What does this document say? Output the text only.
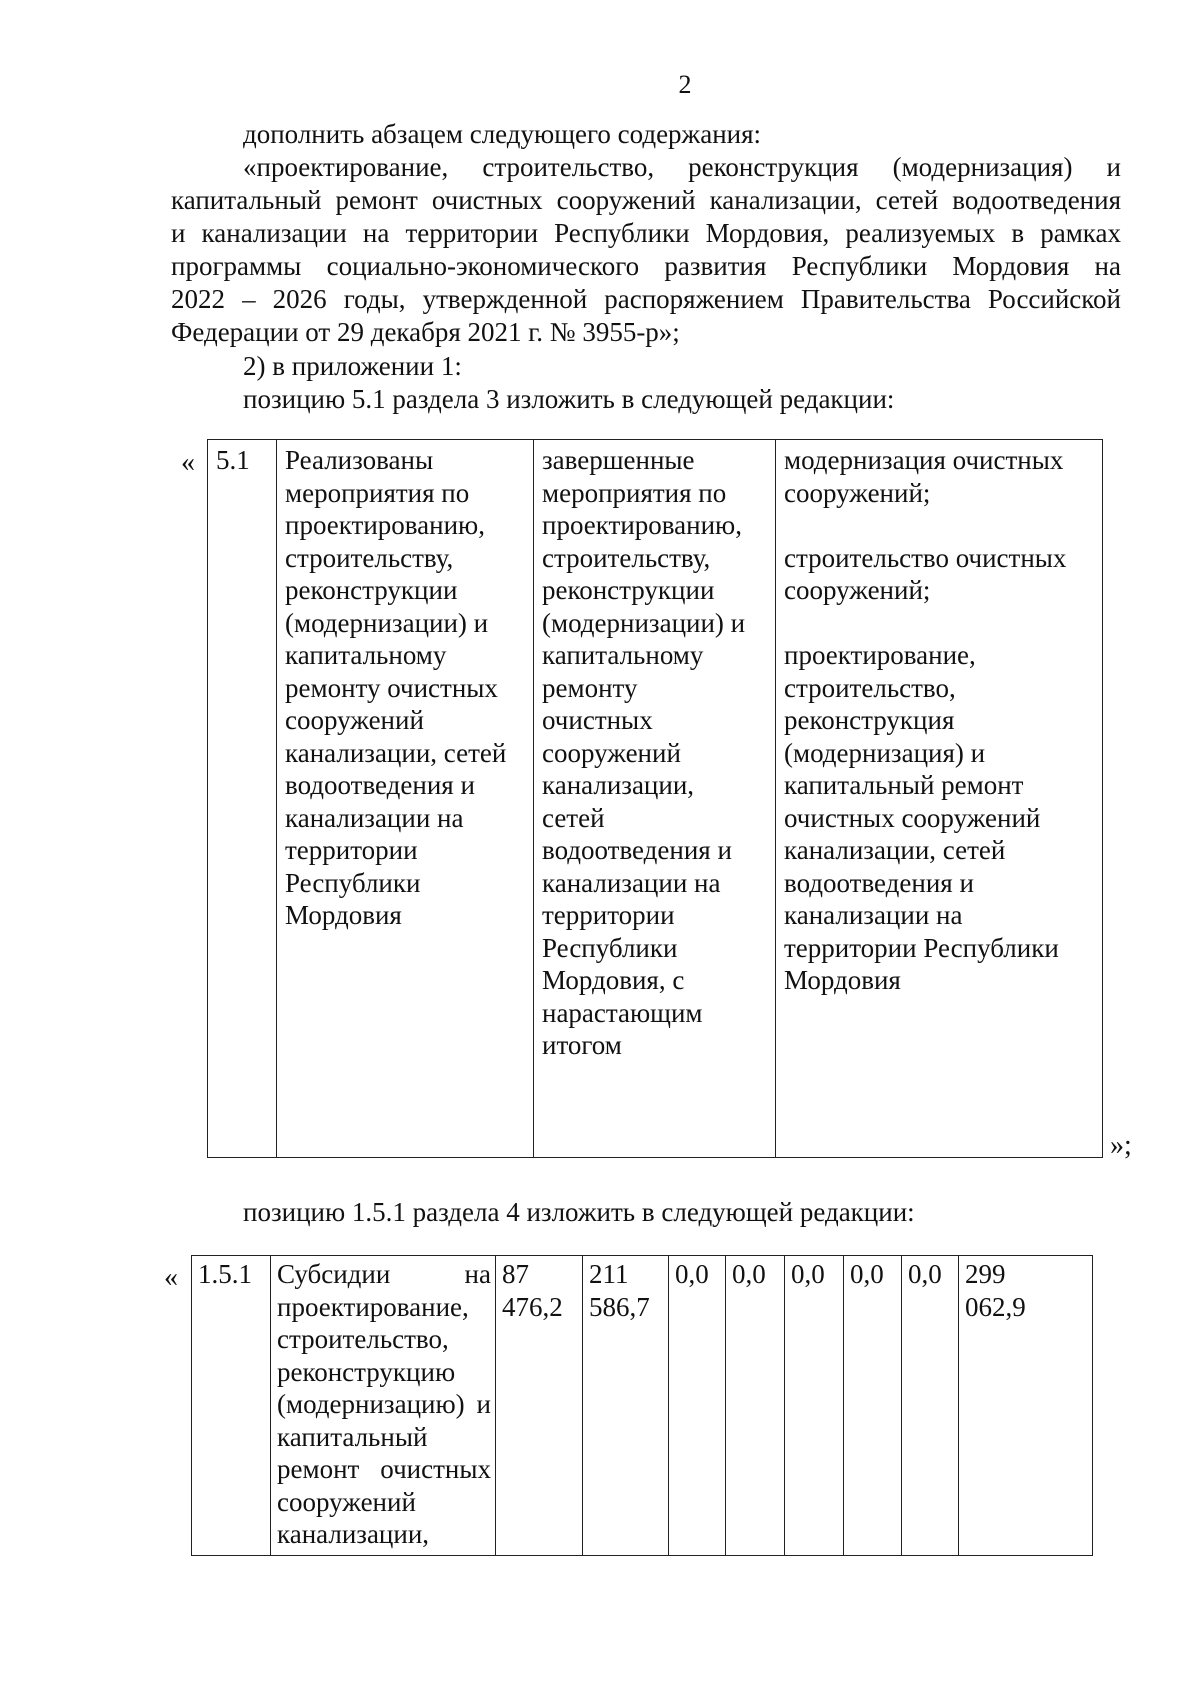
2
дополнить абзацем следующего содержания:
«проектирование, строительство, реконструкция (модернизация) и
капитальный ремонт очистных сооружений канализации, сетей водоотведения
и канализации на территории Республики Мордовия, реализуемых в рамках
программы социально-экономического развития Республики Мордовия на
2022 – 2026 годы, утвержденной распоряжением Правительства Российской
Федерации от 29 декабря 2021 г. № 3955-р»;
2) в приложении 1:
позицию 5.1 раздела 3 изложить в следующей редакции:
« 5.1	Реализованы
мероприятия по
проектированию,
строительству,
реконструкции
(модернизации) и
капитальному
ремонту очистных
сооружений
канализации, сетей
водоотведения и
канализации на
территории
Республики
Мордовия	завершенные
мероприятия по
проектированию,
строительству,
реконструкции
(модернизации) и
капитальному
ремонту
очистных
сооружений
канализации,
сетей
водоотведения и
канализации на
территории
Республики
Мордовия, с
нарастающим
итогом	модернизация очистных
сооружений;

строительство очистных
сооружений;

проектирование,
строительство,
реконструкция
(модернизация) и
капитальный ремонт
очистных сооружений
канализации, сетей
водоотведения и
канализации на
территории Республики
Мордовия
»;
позицию 1.5.1 раздела 4 изложить в следующей редакции:
« 1.5.1	Субсидии на проектирование, строительство, реконструкцию (модернизацию) и капитальный ремонт очистных сооружений канализации,	87
476,2	211
586,7	0,0	0,0	0,0	0,0	0,0	299
062,9
